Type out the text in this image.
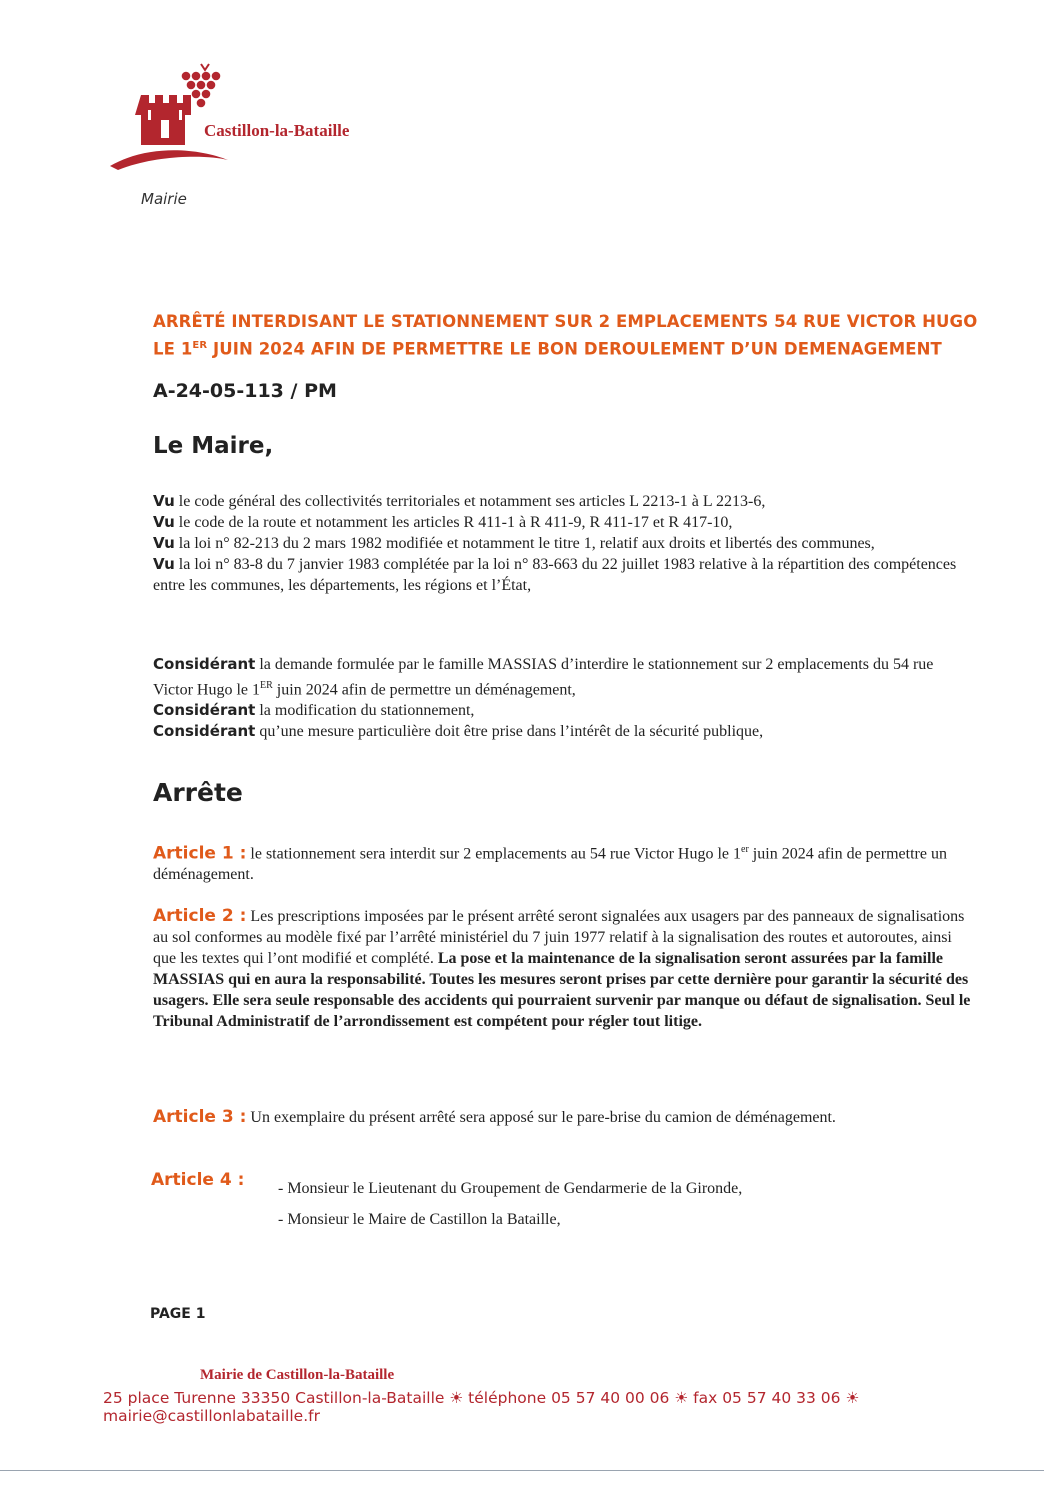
Castillon-la-Bataille
Mairie
ARRÊTÉ INTERDISANT LE STATIONNEMENT SUR 2 EMPLACEMENTS 54 RUE VICTOR HUGO
LE 1ER JUIN 2024 AFIN DE PERMETTRE LE BON DEROULEMENT D’UN DEMENAGEMENT
A-24-05-113 / PM
Le Maire,

Vu le code général des collectivités territoriales et notamment ses articles L 2213-1 à L 2213-6,

Vu le code de la route et notamment les articles R 411-1 à R 411-9, R 411-17 et R 417-10,

Vu la loi n° 82-213 du 2 mars 1982 modifiée et notamment le titre 1, relatif aux droits et libertés des communes,

Vu la loi n° 83-8 du 7 janvier 1983 complétée par la loi n° 83-663 du 22 juillet 1983 relative à la répartition des compétences entre les communes, les départements, les régions et l’État,

Considérant la demande formulée par le famille MASSIAS d’interdire le stationnement sur 2 emplacements du 54 rue Victor Hugo le 1ER juin 2024 afin de permettre un déménagement,

Considérant la modification du stationnement,

Considérant qu’une mesure particulière doit être prise dans l’intérêt de la sécurité publique,

Arrête

Article 1 : le stationnement sera interdit sur 2 emplacements au 54 rue Victor Hugo le 1er juin 2024 afin de permettre un déménagement.

Article 2 : Les prescriptions imposées par le présent arrêté seront signalées aux usagers par des panneaux de signalisations au sol conformes au modèle fixé par l’arrêté ministériel du 7 juin 1977 relatif à la signalisation des routes et autoroutes, ainsi que les textes qui l’ont modifié et complété. La pose et la maintenance de la signalisation seront assurées par la famille MASSIAS qui en aura la responsabilité. Toutes les mesures seront prises par cette dernière pour garantir la sécurité des usagers. Elle sera seule responsable des accidents qui pourraient survenir par manque ou défaut de signalisation. Seul le Tribunal Administratif de l’arrondissement est compétent pour régler tout litige.

Article 3 : Un exemplaire du présent arrêté sera apposé sur le pare-brise du camion de déménagement.

Article 4 : - Monsieur le Lieutenant du Groupement de Gendarmerie de la Gironde,

- Monsieur le Maire de Castillon la Bataille,

PAGE 1
Mairie de Castillon-la-Bataille
25 place Turenne 33350 Castillon-la-Bataille ☀ téléphone 05 57 40 00 06 ☀ fax 05 57 40 33 06 ☀ mairie@castillonlabataille.fr
